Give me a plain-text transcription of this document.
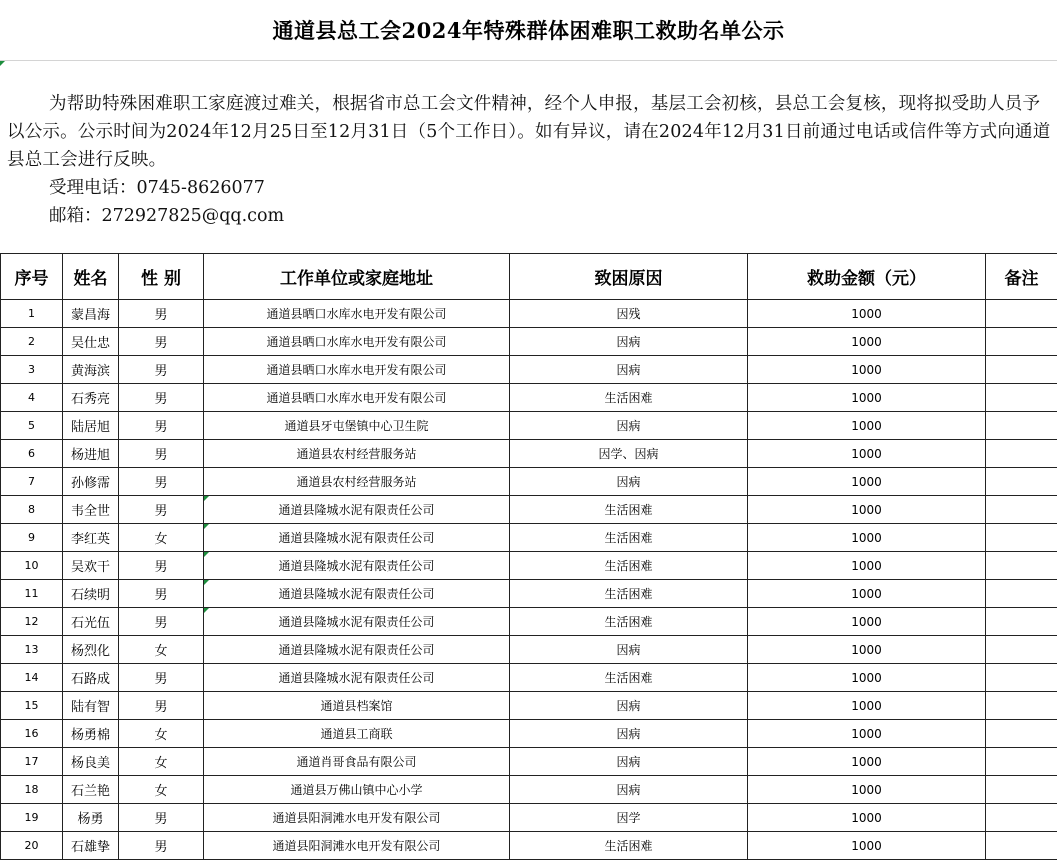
通道县总工会2024年特殊群体困难职工救助名单公示

为帮助特殊困难职工家庭渡过难关，根据省市总工会文件精神，经个人申报，基层工会初核，县总工会复核，现将拟受助人员予以公示。公示时间为2024年12月25日至12月31日（5个工作日）。如有异议，请在2024年12月31日前通过电话或信件等方式向通道县总工会进行反映。

受理电话：0745-8626077

邮箱：272927825@qq.com

序号	姓名	性 别	工作单位或家庭地址	致困原因	救助金额（元）	备注
1	蒙昌海	男	通道县晒口水库水电开发有限公司	因残	1000	
2	吴仕忠	男	通道县晒口水库水电开发有限公司	因病	1000	
3	黄海滨	男	通道县晒口水库水电开发有限公司	因病	1000	
4	石秀亮	男	通道县晒口水库水电开发有限公司	生活困难	1000	
5	陆居旭	男	通道县牙屯堡镇中心卫生院	因病	1000	
6	杨进旭	男	通道县农村经营服务站	因学、因病	1000	
7	孙修霈	男	通道县农村经营服务站	因病	1000	
8	韦全世	男	通道县隆城水泥有限责任公司	生活困难	1000	
9	李红英	女	通道县隆城水泥有限责任公司	生活困难	1000	
10	吴欢干	男	通道县隆城水泥有限责任公司	生活困难	1000	
11	石续明	男	通道县隆城水泥有限责任公司	生活困难	1000	
12	石光伍	男	通道县隆城水泥有限责任公司	生活困难	1000	
13	杨烈化	女	通道县隆城水泥有限责任公司	因病	1000	
14	石路成	男	通道县隆城水泥有限责任公司	生活困难	1000	
15	陆有智	男	通道县档案馆	因病	1000	
16	杨勇棉	女	通道县工商联	因病	1000	
17	杨良美	女	通道肖哥食品有限公司	因病	1000	
18	石兰艳	女	通道县万佛山镇中心小学	因病	1000	
19	杨勇	男	通道县阳洞滩水电开发有限公司	因学	1000	
20	石雄挚	男	通道县阳洞滩水电开发有限公司	生活困难	1000	
